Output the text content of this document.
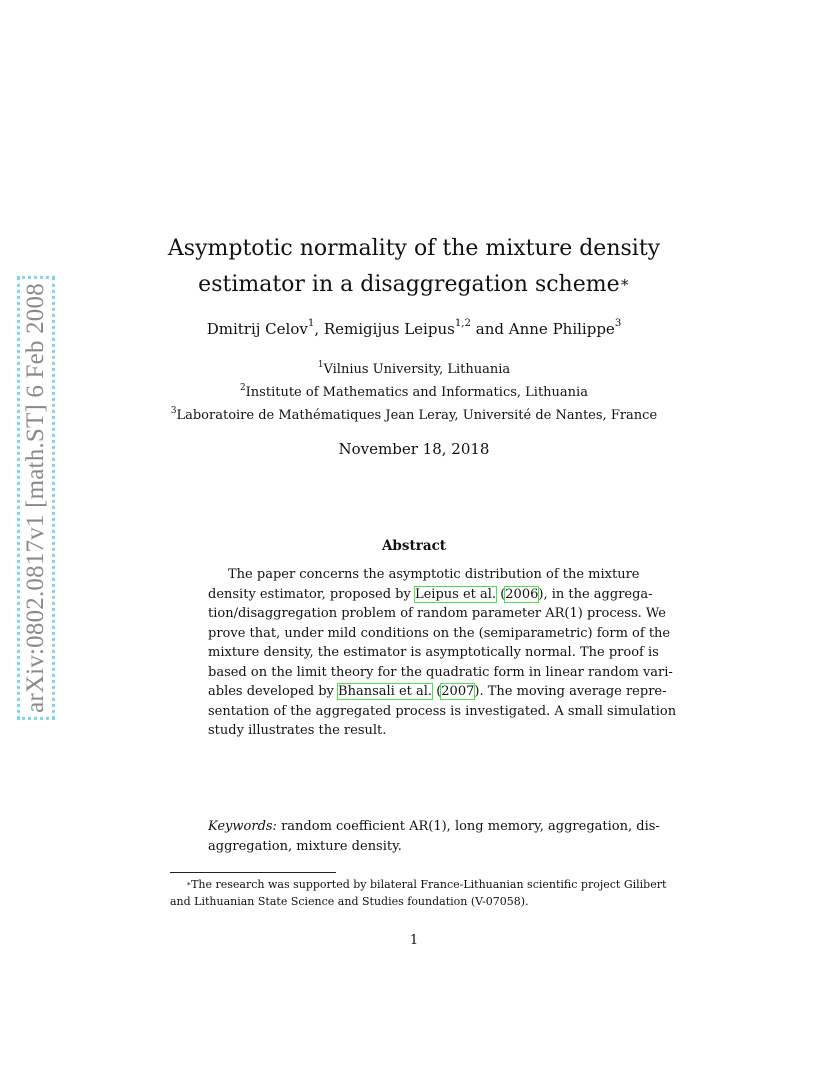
arXiv:0802.0817v1 [math.ST] 6 Feb 2008
Asymptotic normality of the mixture density
estimator in a disaggregation scheme∗
Dmitrij Celov$^1$, Remigijus Leipus$^{1,2}$ and Anne Philippe$^3$
$^1$Vilnius University, Lithuania
$^2$Institute of Mathematics and Informatics, Lithuania
$^3$Laboratoire de Mathématiques Jean Leray, Université de Nantes, France
November 18, 2018
Abstract
The paper concerns the asymptotic distribution of the mixture
density estimator, proposed by Leipus et al. (2006), in the aggrega-
tion/disaggregation problem of random parameter AR(1) process. We
prove that, under mild conditions on the (semiparametric) form of the
mixture density, the estimator is asymptotically normal. The proof is
based on the limit theory for the quadratic form in linear random vari-
ables developed by Bhansali et al. (2007). The moving average repre-
sentation of the aggregated process is investigated. A small simulation
study illustrates the result.
Keywords: random coefficient AR(1), long memory, aggregation, dis-
aggregation, mixture density.
∗The research was supported by bilateral France-Lithuanian scientific project Gilibert
and Lithuanian State Science and Studies foundation (V-07058).
1
